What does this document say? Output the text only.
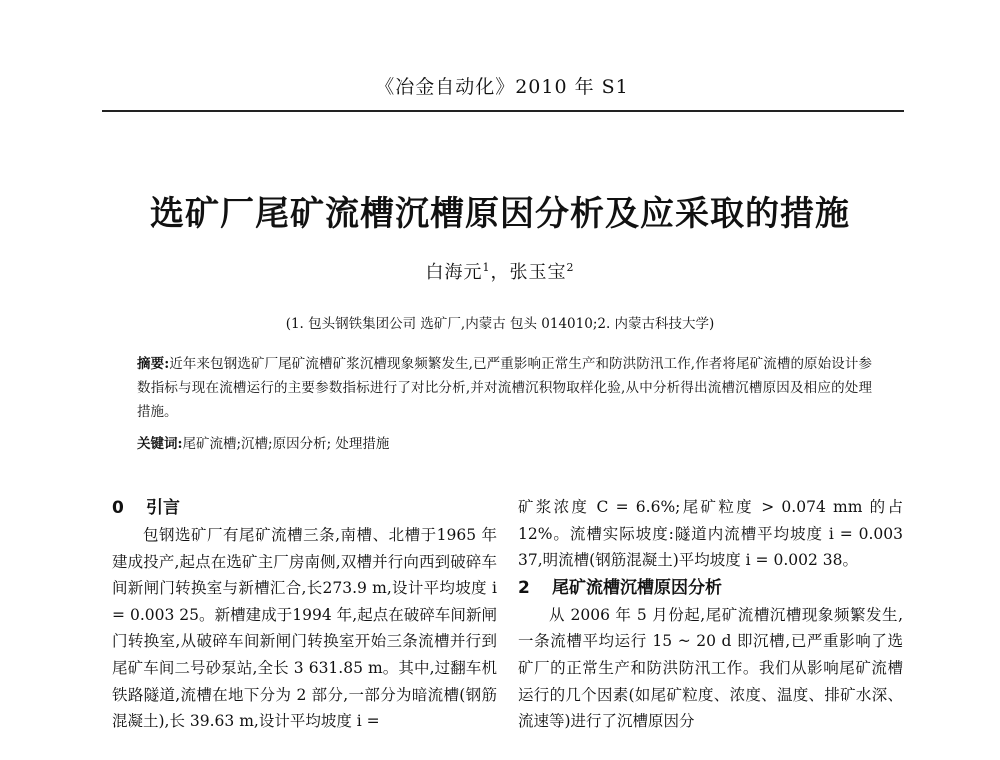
《冶金自动化》2010 年 S1
选矿厂尾矿流槽沉槽原因分析及应采取的措施
白海元$^1$，张玉宝$^2$
(1. 包头钢铁集团公司 选矿厂,内蒙古 包头 014010;2. 内蒙古科技大学)
摘要:近年来包钢选矿厂尾矿流槽矿浆沉槽现象频繁发生,已严重影响正常生产和防洪防汛工作,作者将尾矿流槽的原始设计参数指标与现在流槽运行的主要参数指标进行了对比分析,并对流槽沉积物取样化验,从中分析得出流槽沉槽原因及相应的处理措施。
关键词:尾矿流槽;沉槽;原因分析; 处理措施
0 引言

包钢选矿厂有尾矿流槽三条,南槽、北槽于1965 年建成投产,起点在选矿主厂房南侧,双槽并行向西到破碎车间新闸门转换室与新槽汇合,长273.9 m,设计平均坡度 i = 0.003 25。新槽建成于1994 年,起点在破碎车间新闸门转换室,从破碎车间新闸门转换室开始三条流槽并行到尾矿车间二号砂泵站,全长 3 631.85 m。其中,过翻车机铁路隧道,流槽在地下分为 2 部分,一部分为暗流槽(钢筋混凝土),长 39.63 m,设计平均坡度 i =

矿浆浓度 C = 6.6%;尾矿粒度 > 0.074 mm 的占12%。流槽实际坡度:隧道内流槽平均坡度 i = 0.003 37,明流槽(钢筋混凝土)平均坡度 i = 0.002 38。

2 尾矿流槽沉槽原因分析

从 2006 年 5 月份起,尾矿流槽沉槽现象频繁发生,一条流槽平均运行 15 ~ 20 d 即沉槽,已严重影响了选矿厂的正常生产和防洪防汛工作。我们从影响尾矿流槽运行的几个因素(如尾矿粒度、浓度、温度、排矿水深、流速等)进行了沉槽原因分
